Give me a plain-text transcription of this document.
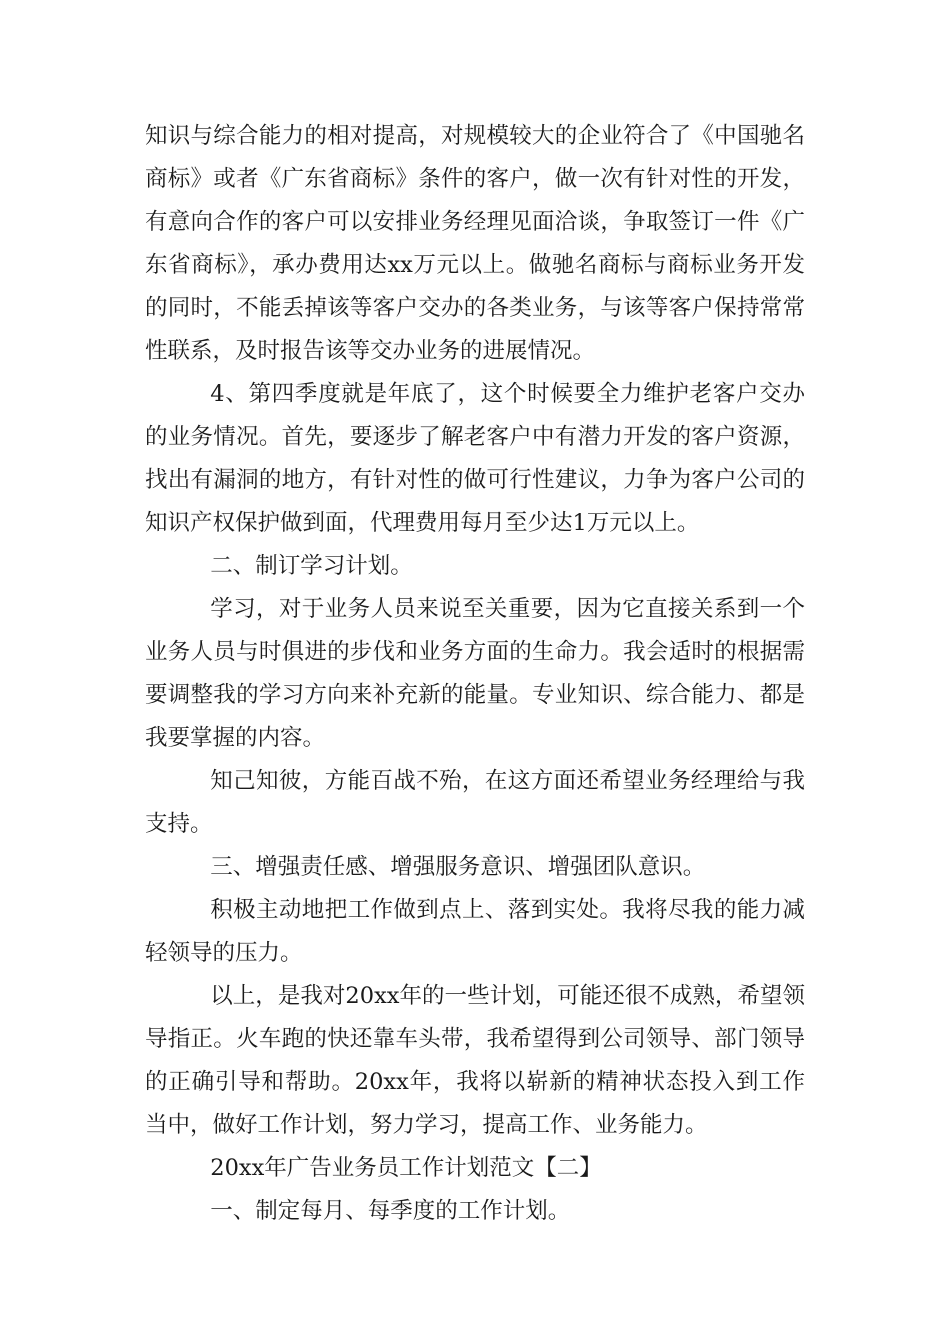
知识与综合能力的相对提高，对规模较大的企业符合了《中国驰名商标》或者《广东省商标》条件的客户，做一次有针对性的开发，有意向合作的客户可以安排业务经理见面洽谈，争取签订一件《广东省商标》，承办费用达xx万元以上。做驰名商标与商标业务开发的同时，不能丢掉该等客户交办的各类业务，与该等客户保持常常性联系，及时报告该等交办业务的进展情况。

4、第四季度就是年底了，这个时候要全力维护老客户交办的业务情况。首先，要逐步了解老客户中有潜力开发的客户资源，找出有漏洞的地方，有针对性的做可行性建议，力争为客户公司的知识产权保护做到面，代理费用每月至少达1万元以上。

二、制订学习计划。

学习，对于业务人员来说至关重要，因为它直接关系到一个业务人员与时俱进的步伐和业务方面的生命力。我会适时的根据需要调整我的学习方向来补充新的能量。专业知识、综合能力、都是我要掌握的内容。

知己知彼，方能百战不殆，在这方面还希望业务经理给与我支持。

三、增强责任感、增强服务意识、增强团队意识。

积极主动地把工作做到点上、落到实处。我将尽我的能力减轻领导的压力。

以上，是我对20xx年的一些计划，可能还很不成熟，希望领导指正。火车跑的快还靠车头带，我希望得到公司领导、部门领导的正确引导和帮助。20xx年，我将以崭新的精神状态投入到工作当中，做好工作计划，努力学习，提高工作、业务能力。

20xx年广告业务员工作计划范文【二】

一、制定每月、每季度的工作计划。
